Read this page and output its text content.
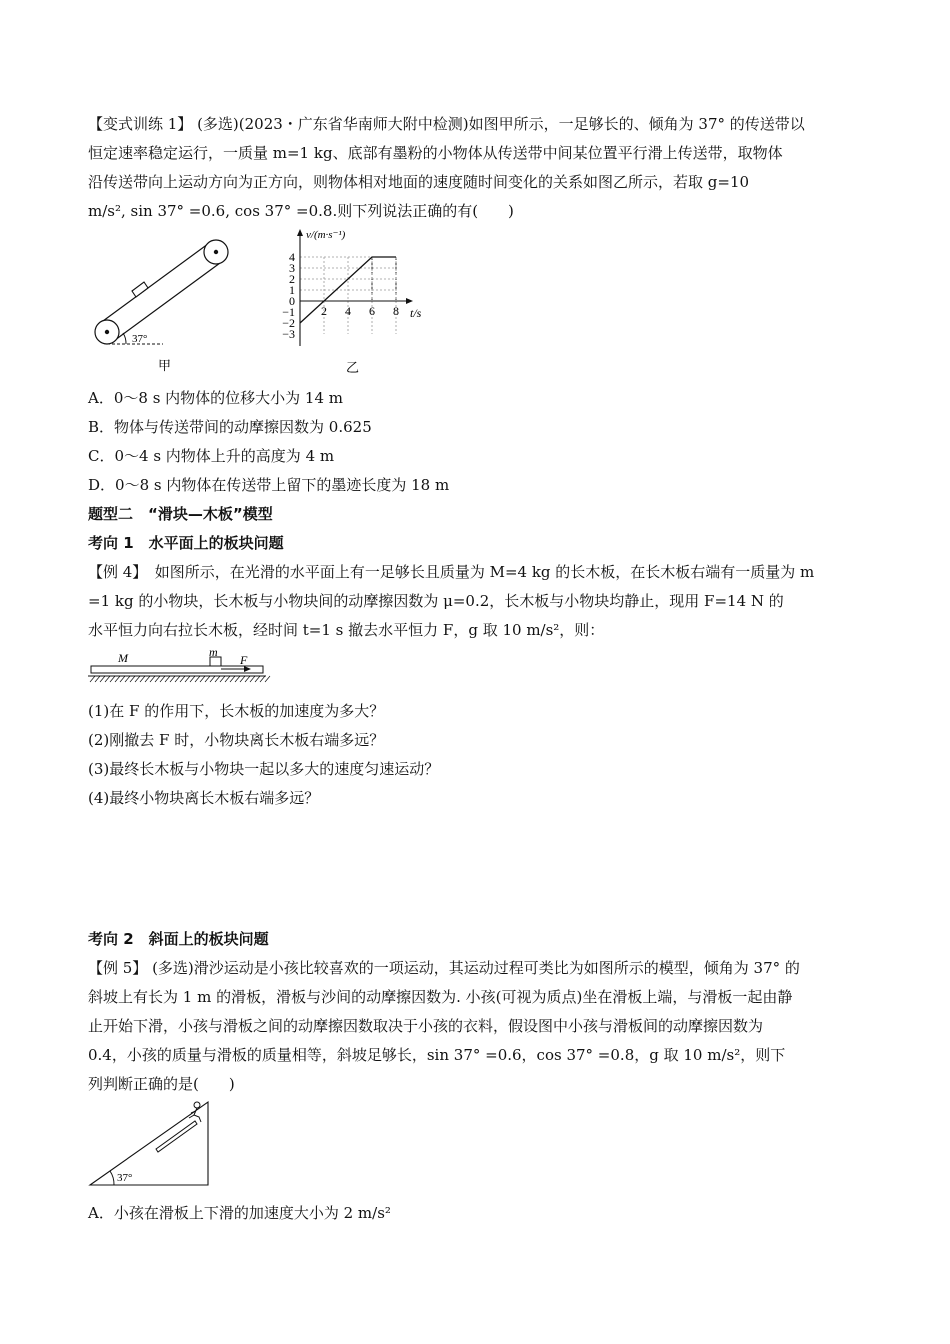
【变式训练 1】 (多选)(2023・广东省华南师大附中检测)如图甲所示，一足够长的、倾角为 37° 的传送带以
恒定速率稳定运行，一质量 m=1 kg、底部有墨粉的小物体从传送带中间某位置平行滑上传送带，取物体
沿传送带向上运动方向为正方向，则物体相对地面的速度随时间变化的关系如图乙所示，若取 g=10
m/s², sin 37° =0.6, cos 37° =0.8.则下列说法正确的有(　　)
37°
甲
4
3
2
1
0
−1
−2
−3
2 4 6 8
v/(m·s⁻¹)
t/s
乙
A．0～8 s 内物体的位移大小为 14 m
B．物体与传送带间的动摩擦因数为 0.625
C．0～4 s 内物体上升的高度为 4 m
D．0～8 s 内物体在传送带上留下的墨迹长度为 18 m
题型二　“滑块—木板”模型
考向 1　水平面上的板块问题
【例 4】　如图所示，在光滑的水平面上有一足够长且质量为 M=4 kg 的长木板，在长木板右端有一质量为 m
=1 kg 的小物块，长木板与小物块间的动摩擦因数为 μ=0.2，长木板与小物块均静止，现用 F=14 N 的
水平恒力向右拉长木板，经时间 t=1 s 撤去水平恒力 F，g 取 10 m/s²，则：
M	m
F
(1)在 F 的作用下，长木板的加速度为多大？
(2)刚撤去 F 时，小物块离长木板右端多远？
(3)最终长木板与小物块一起以多大的速度匀速运动？
(4)最终小物块离长木板右端多远？
考向 2　斜面上的板块问题
【例 5】 (多选)滑沙运动是小孩比较喜欢的一项运动，其运动过程可类比为如图所示的模型，倾角为 37° 的
斜坡上有长为 1 m 的滑板，滑板与沙间的动摩擦因数为. 小孩(可视为质点)坐在滑板上端，与滑板一起由静
止开始下滑，小孩与滑板之间的动摩擦因数取决于小孩的衣料，假设图中小孩与滑板间的动摩擦因数为
0.4，小孩的质量与滑板的质量相等，斜坡足够长，sin 37° =0.6，cos 37° =0.8，g 取 10 m/s²，则下
列判断正确的是(　　)
37°
A．小孩在滑板上下滑的加速度大小为 2 m/s²
